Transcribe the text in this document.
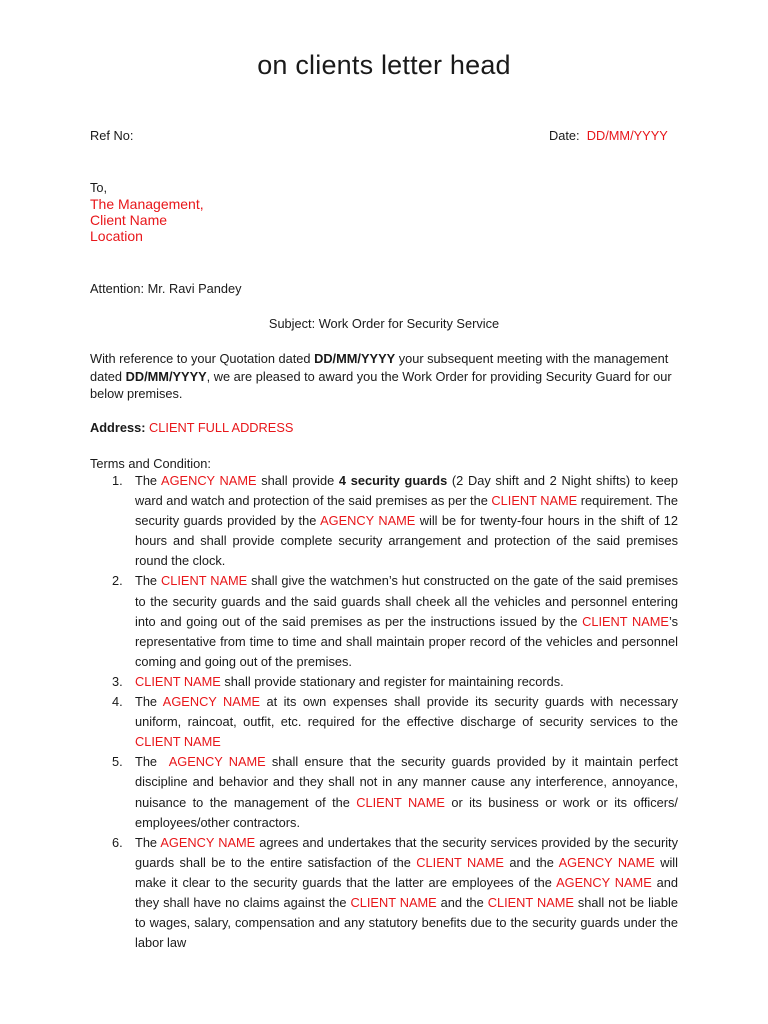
on clients letter head
Ref No:	Date: DD/MM/YYYY
To,
The Management,
Client Name
Location
Attention: Mr. Ravi Pandey
Subject: Work Order for Security Service
With reference to your Quotation dated DD/MM/YYYY your subsequent meeting with the management dated DD/MM/YYYY, we are pleased to award you the Work Order for providing Security Guard for our below premises.
Address: CLIENT FULL ADDRESS
Terms and Condition:
1. The AGENCY NAME shall provide 4 security guards (2 Day shift and 2 Night shifts) to keep ward and watch and protection of the said premises as per the CLIENT NAME requirement. The security guards provided by the AGENCY NAME will be for twenty-four hours in the shift of 12 hours and shall provide complete security arrangement and protection of the said premises round the clock.
2. The CLIENT NAME shall give the watchmen’s hut constructed on the gate of the said premises to the security guards and the said guards shall cheek all the vehicles and personnel entering into and going out of the said premises as per the instructions issued by the CLIENT NAME’s representative from time to time and shall maintain proper record of the vehicles and personnel coming and going out of the premises.
3. CLIENT NAME shall provide stationary and register for maintaining records.
4. The AGENCY NAME at its own expenses shall provide its security guards with necessary uniform, raincoat, outfit, etc. required for the effective discharge of security services to the CLIENT NAME
5. The  AGENCY NAME shall ensure that the security guards provided by it maintain perfect discipline and behavior and they shall not in any manner cause any interference, annoyance, nuisance to the management of the CLIENT NAME or its business or work or its officers/ employees/other contractors.
6. The AGENCY NAME agrees and undertakes that the security services provided by the security guards shall be to the entire satisfaction of the CLIENT NAME and the AGENCY NAME will make it clear to the security guards that the latter are employees of the AGENCY NAME and they shall have no claims against the CLIENT NAME and the CLIENT NAME shall not be liable to wages, salary, compensation and any statutory benefits due to the security guards under the labor law
